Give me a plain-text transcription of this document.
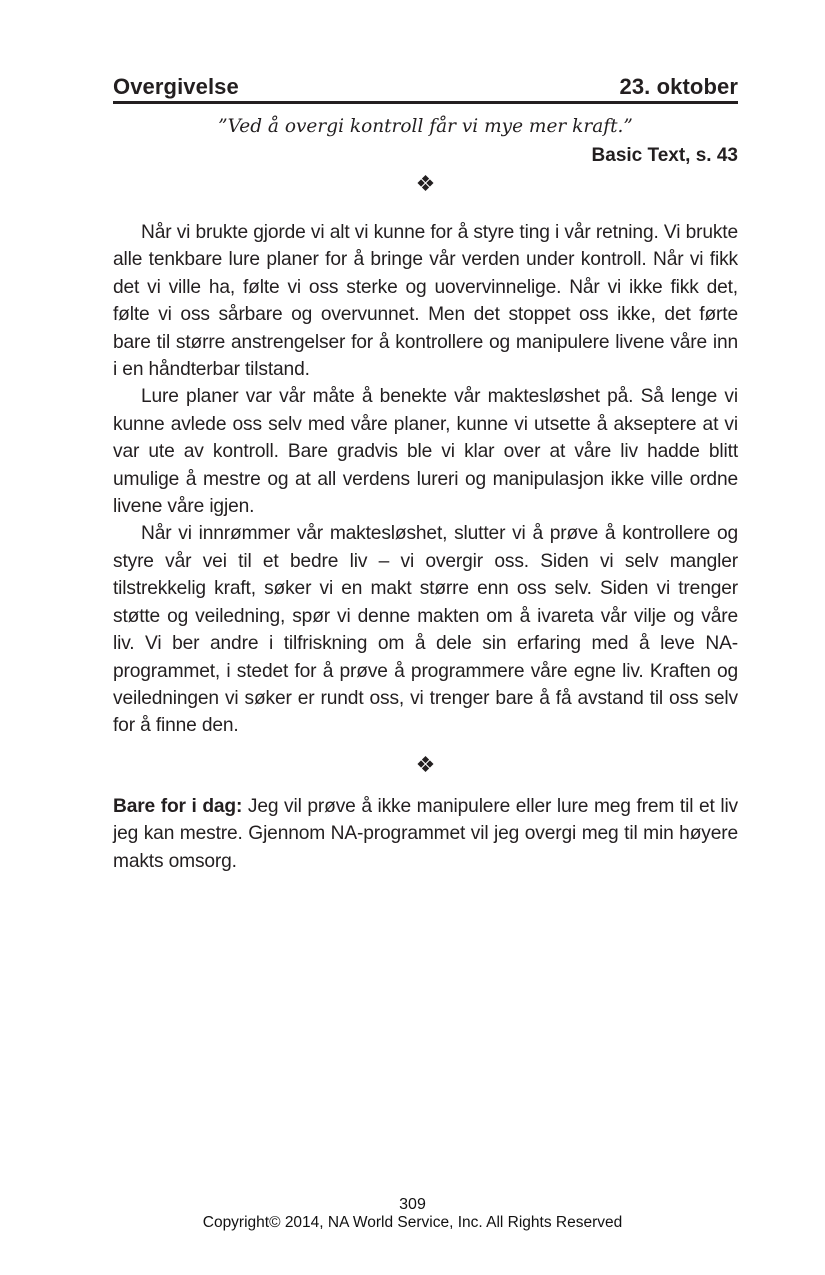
Overgivelse	23. oktober
”Ved å overgi kontroll får vi mye mer kraft.”
Basic Text, s. 43
❖

Når vi brukte gjorde vi alt vi kunne for å styre ting i vår retning. Vi brukte alle tenkbare lure planer for å bringe vår verden under kontroll. Når vi fikk det vi ville ha, følte vi oss sterke og uovervinnelige. Når vi ikke fikk det, følte vi oss sårbare og overvunnet. Men det stoppet oss ikke, det førte bare til større anstrengelser for å kontrollere og manipulere livene våre inn i en håndterbar tilstand.

Lure planer var vår måte å benekte vår maktesløshet på. Så lenge vi kunne avlede oss selv med våre planer, kunne vi utsette å akseptere at vi var ute av kontroll. Bare gradvis ble vi klar over at våre liv hadde blitt umulige å mestre og at all verdens lureri og manipulasjon ikke ville ordne livene våre igjen.

Når vi innrømmer vår maktesløshet, slutter vi å prøve å kontrollere og styre vår vei til et bedre liv – vi overgir oss. Siden vi selv mangler tilstrekkelig kraft, søker vi en makt større enn oss selv. Siden vi trenger støtte og veiledning, spør vi denne makten om å ivareta vår vilje og våre liv. Vi ber andre i tilfriskning om å dele sin erfaring med å leve NA-programmet, i stedet for å prøve å programmere våre egne liv. Kraften og veiledningen vi søker er rundt oss, vi trenger bare å få avstand til oss selv for å finne den.

❖
Bare for i dag: Jeg vil prøve å ikke manipulere eller lure meg frem til et liv jeg kan mestre. Gjennom NA-programmet vil jeg overgi meg til min høyere makts omsorg.
309
Copyright© 2014, NA World Service, Inc. All Rights Reserved
